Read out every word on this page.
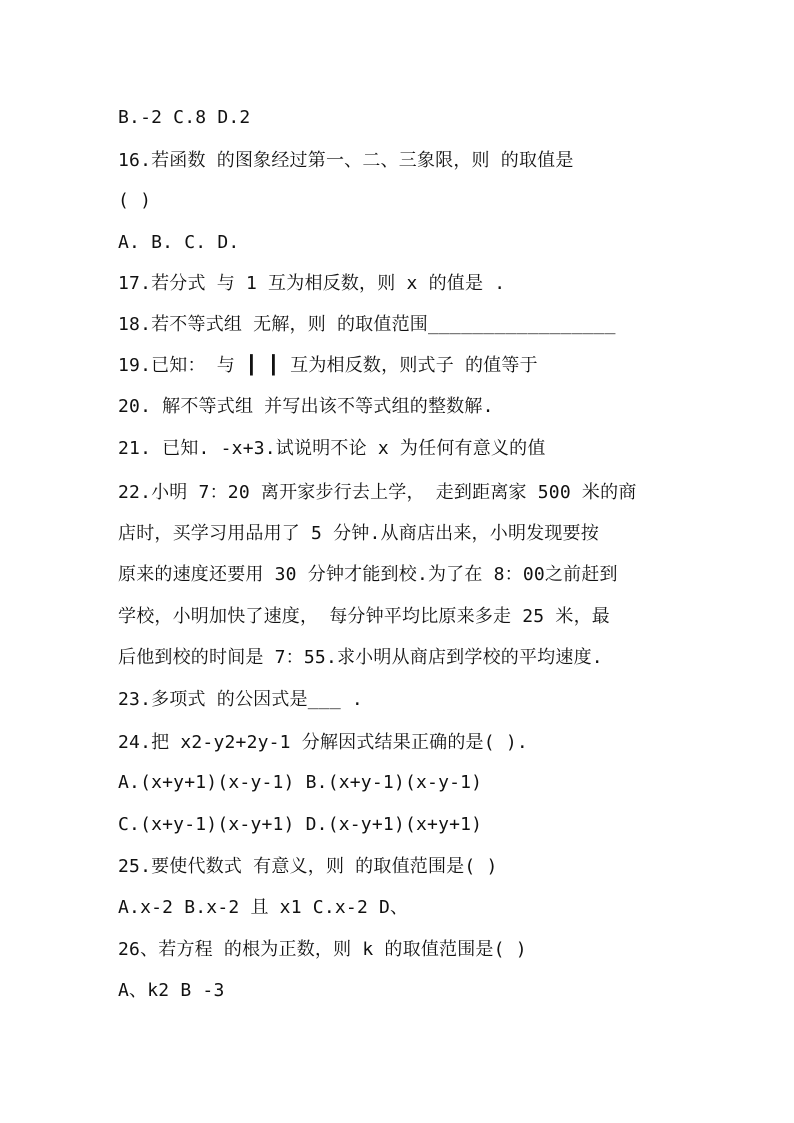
B.-2 C.8 D.2
16.若函数 的图象经过第一、二、三象限，则 的取值是
( )
A. B. C. D.
17.若分式 与 1 互为相反数，则 x 的值是 .
18.若不等式组 无解，则 的取值范围_________________
19.已知： 与 ┃ ┃ 互为相反数，则式子 的值等于
20. 解不等式组 并写出该不等式组的整数解.
21. 已知. -x+3.试说明不论 x 为任何有意义的值
22.小明 7：20 离开家步行去上学， 走到距离家 500 米的商
店时，买学习用品用了 5 分钟.从商店出来，小明发现要按
原来的速度还要用 30 分钟才能到校.为了在 8：00之前赶到
学校，小明加快了速度， 每分钟平均比原来多走 25 米，最
后他到校的时间是 7：55.求小明从商店到学校的平均速度.
23.多项式 的公因式是___ .
24.把 x2-y2+2y-1 分解因式结果正确的是( ).
A.(x+y+1)(x-y-1) B.(x+y-1)(x-y-1)
C.(x+y-1)(x-y+1) D.(x-y+1)(x+y+1)
25.要使代数式 有意义，则 的取值范围是( )
A.x-2 B.x-2 且 x1 C.x-2 D、
26、若方程 的根为正数，则 k 的取值范围是( )
A、k2 B -3
